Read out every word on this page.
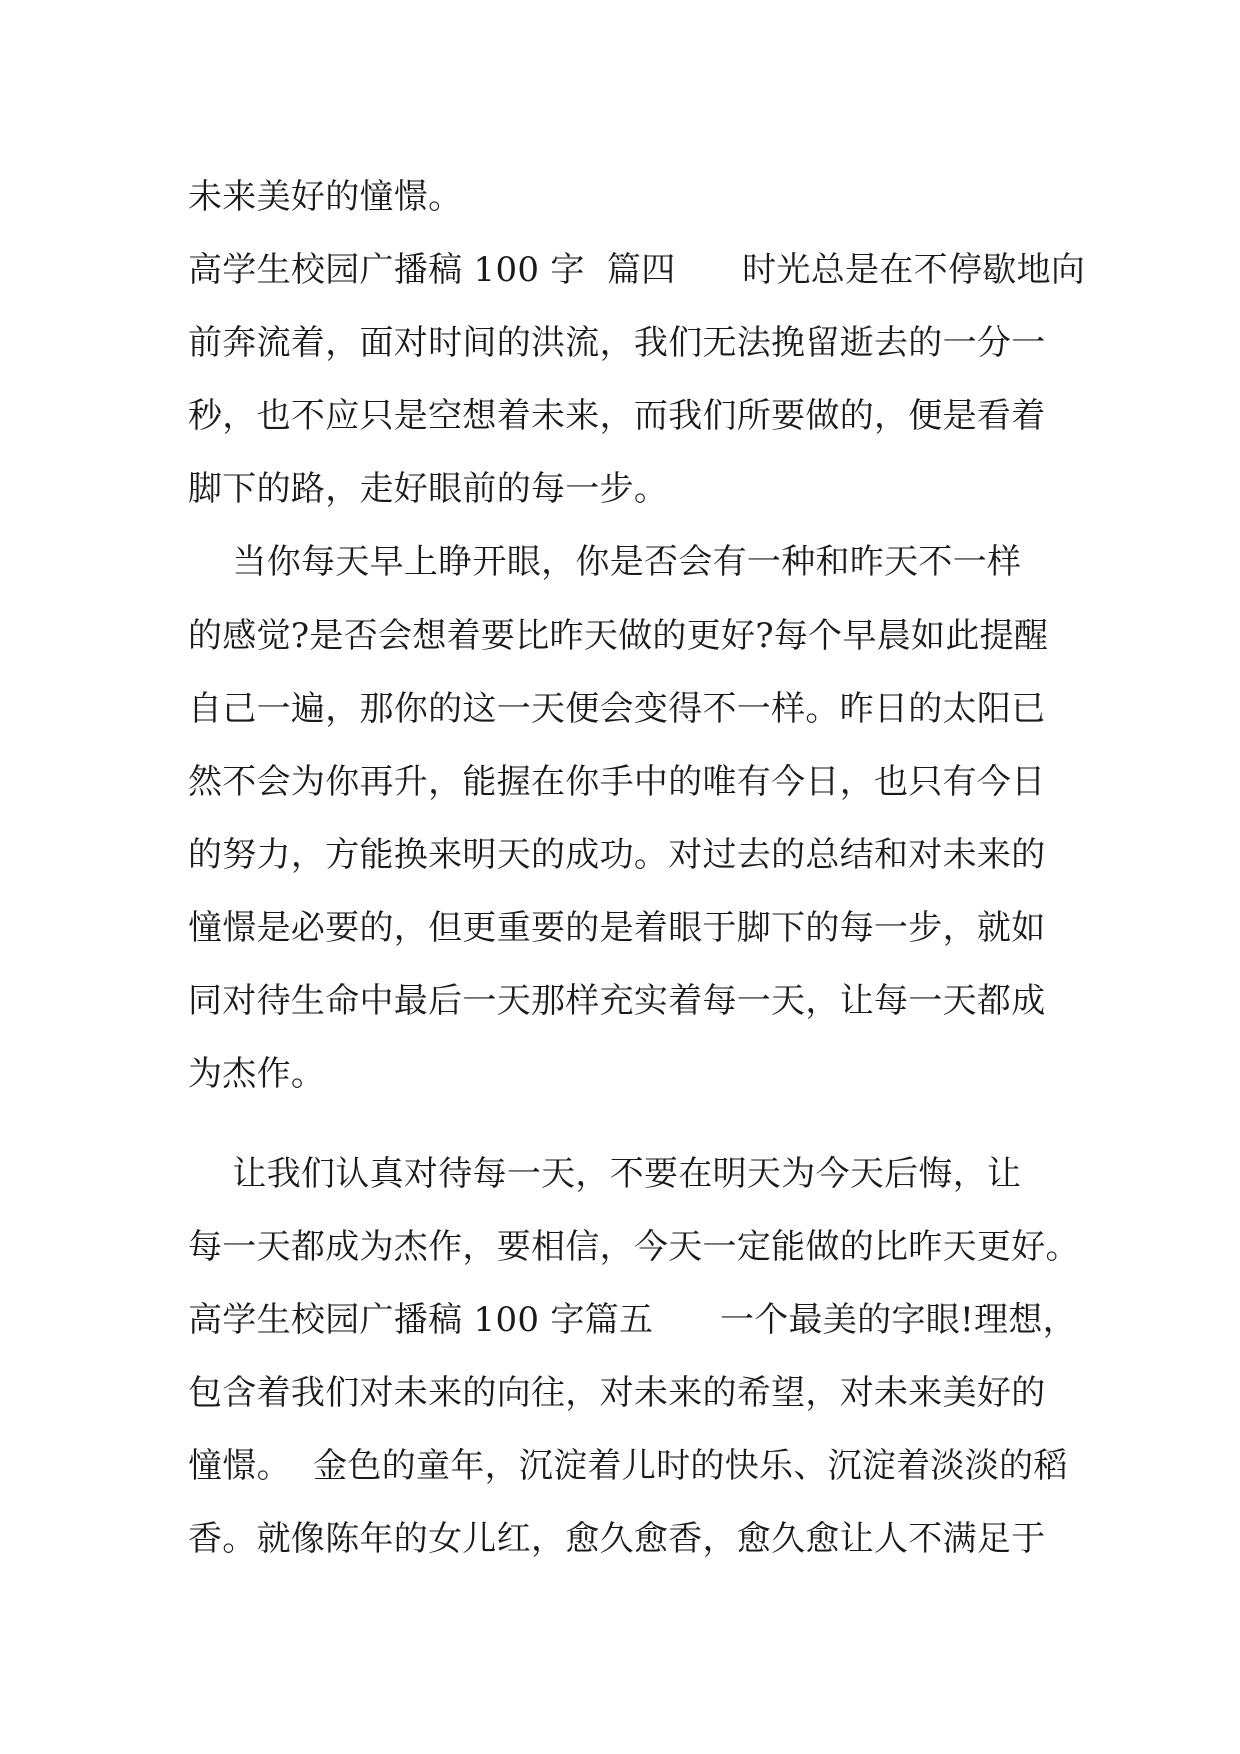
未来美好的憧憬。
高学生校园广播稿 100 字  篇四      时光总是在不停歇地向
前奔流着，面对时间的洪流，我们无法挽留逝去的一分一
秒，也不应只是空想着未来，而我们所要做的，便是看着
脚下的路，走好眼前的每一步。
当你每天早上睁开眼，你是否会有一种和昨天不一样
的感觉?是否会想着要比昨天做的更好?每个早晨如此提醒
自己一遍，那你的这一天便会变得不一样。昨日的太阳已
然不会为你再升，能握在你手中的唯有今日，也只有今日
的努力，方能换来明天的成功。对过去的总结和对未来的
憧憬是必要的，但更重要的是着眼于脚下的每一步，就如
同对待生命中最后一天那样充实着每一天，让每一天都成
为杰作。
让我们认真对待每一天，不要在明天为今天后悔，让
每一天都成为杰作，要相信，今天一定能做的比昨天更好。
高学生校园广播稿 100 字篇五      一个最美的字眼!理想，
包含着我们对未来的向往，对未来的希望，对未来美好的
憧憬。  金色的童年，沉淀着儿时的快乐、沉淀着淡淡的稻
香。就像陈年的女儿红，愈久愈香，愈久愈让人不满足于
